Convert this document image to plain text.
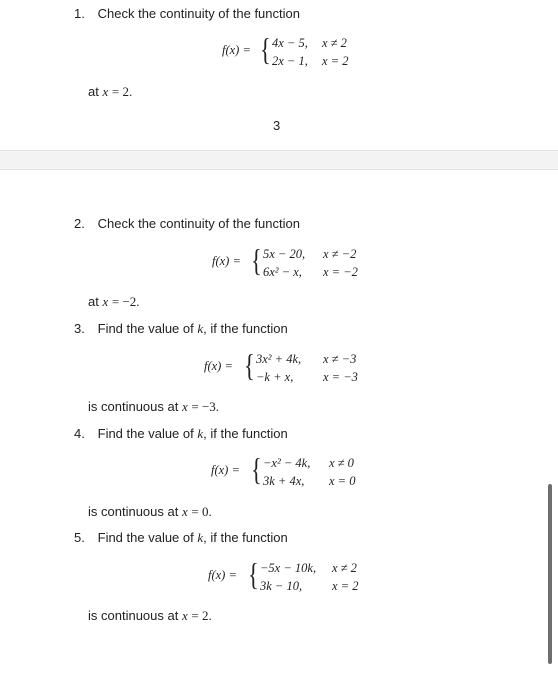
1. Check the continuity of the function
f(x) = { 4x − 5, x ≠ 2
2x − 1, x = 2
at x = 2.
3
2. Check the continuity of the function
f(x) = { 5x − 20, x ≠ −2
6x² − x, x = −2
at x = −2.
3. Find the value of k, if the function
f(x) = { 3x² + 4k, x ≠ −3
−k + x, x = −3
is continuous at x = −3.
4. Find the value of k, if the function
f(x) = { −x² − 4k, x ≠ 0
3k + 4x, x = 0
is continuous at x = 0.
5. Find the value of k, if the function
f(x) = { −5x − 10k, x ≠ 2
3k − 10, x = 2
is continuous at x = 2.
